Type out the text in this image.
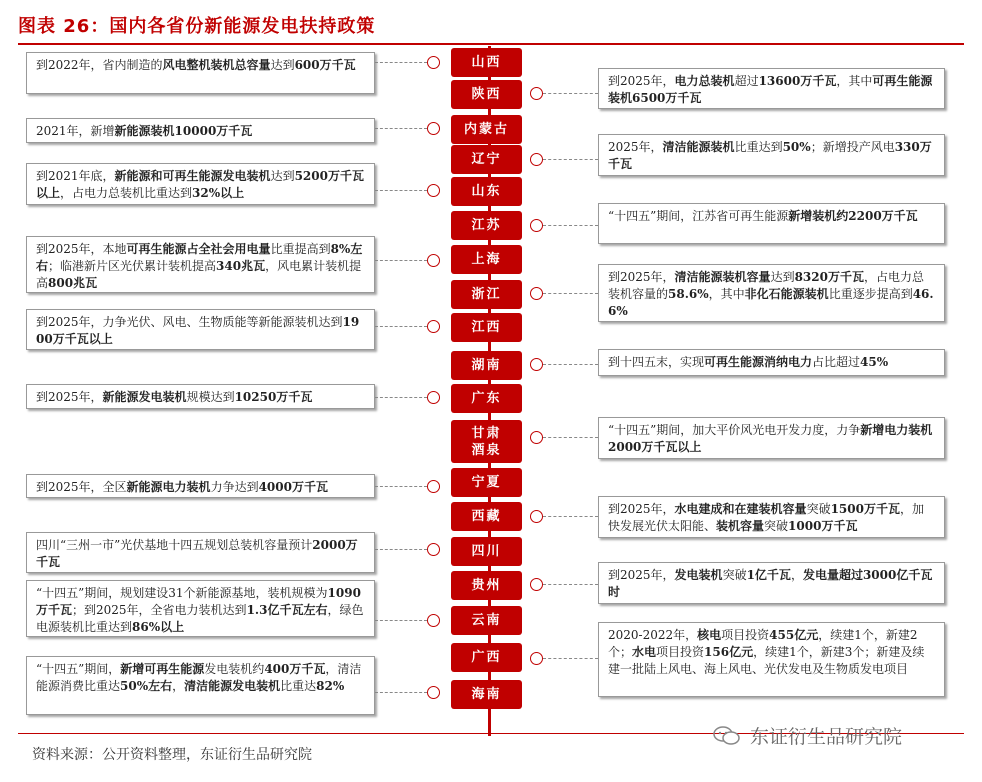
图表 26：国内各省份新能源发电扶持政策
山西
陕西
内蒙古
辽宁
山东
江苏
上海
浙江
江西
湖南
广东
甘肃
酒泉
宁夏
西藏
四川
贵州
云南
广西
海南
到2022年，省内制造的风电整机装机总容量达到600万千瓦
2021年，新增新能源装机10000万千瓦
到2021年底，新能源和可再生能源发电装机达到5200万千瓦以上，占电力总装机比重达到32%以上
到2025年，本地可再生能源占全社会用电量比重提高到8%左右；临港新片区光伏累计装机提高340兆瓦，风电累计装机提高800兆瓦
到2025年，力争光伏、风电、生物质能等新能源装机达到1900万千瓦以上
到2025年，新能源发电装机规模达到10250万千瓦
到2025年，全区新能源电力装机力争达到4000万千瓦
四川“三州一市”光伏基地十四五规划总装机容量预计2000万千瓦
“十四五”期间，规划建设31个新能源基地，装机规模为1090万千瓦；到2025年，全省电力装机达到1.3亿千瓦左右，绿色电源装机比重达到86%以上
“十四五”期间，新增可再生能源发电装机约400万千瓦，清洁能源消费比重达50%左右，清洁能源发电装机比重达82%
到2025年，电力总装机超过13600万千瓦，其中可再生能源装机6500万千瓦
2025年，清洁能源装机比重达到50%；新增投产风电330万千瓦
“十四五”期间，江苏省可再生能源新增装机约2200万千瓦
到2025年，清洁能源装机容量达到8320万千瓦，占电力总装机容量的58.6%，其中非化石能源装机比重逐步提高到46.6%
到十四五末，实现可再生能源消纳电力占比超过45%
“十四五”期间，加大平价风光电开发力度，力争新增电力装机2000万千瓦以上
到2025年，水电建成和在建装机容量突破1500万千瓦，加快发展光伏太阳能、装机容量突破1000万千瓦
到2025年，发电装机突破1亿千瓦，发电量超过3000亿千瓦时
2020-2022年，核电项目投资455亿元，续建1个，新建2个；水电项目投资156亿元，续建1个，新建3个；新建及续建一批陆上风电、海上风电、光伏发电及生物质发电项目
资料来源：公开资料整理，东证衍生品研究院
东证衍生品研究院
